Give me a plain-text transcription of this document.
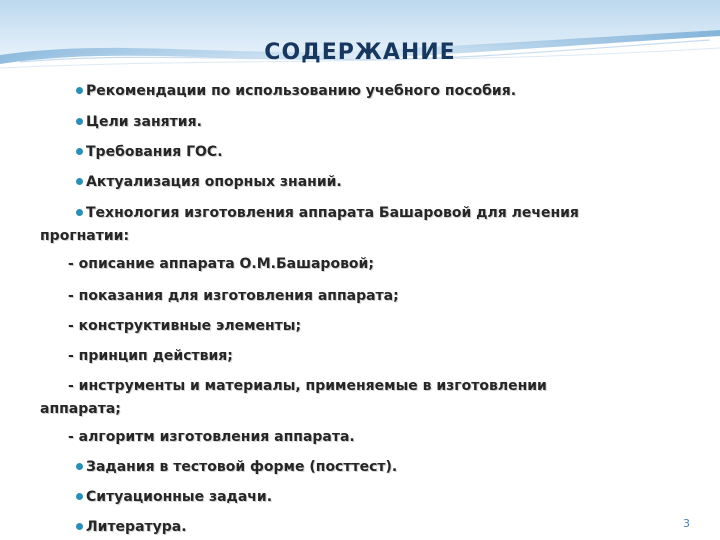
СОДЕРЖАНИЕ
Рекомендации по использованию учебного пособия.
Цели занятия.
Требования ГОС.
Актуализация опорных знаний.
Технология изготовления аппарата Башаровой для лечения
прогнатии:
- описание аппарата О.М.Башаровой;
- показания для изготовления аппарата;
- конструктивные элементы;
- принцип действия;
- инструменты и материалы, применяемые в изготовлении
аппарата;
- алгоритм изготовления аппарата.
Задания в тестовой форме (посттест).
Ситуационные задачи.
Литература.	3
